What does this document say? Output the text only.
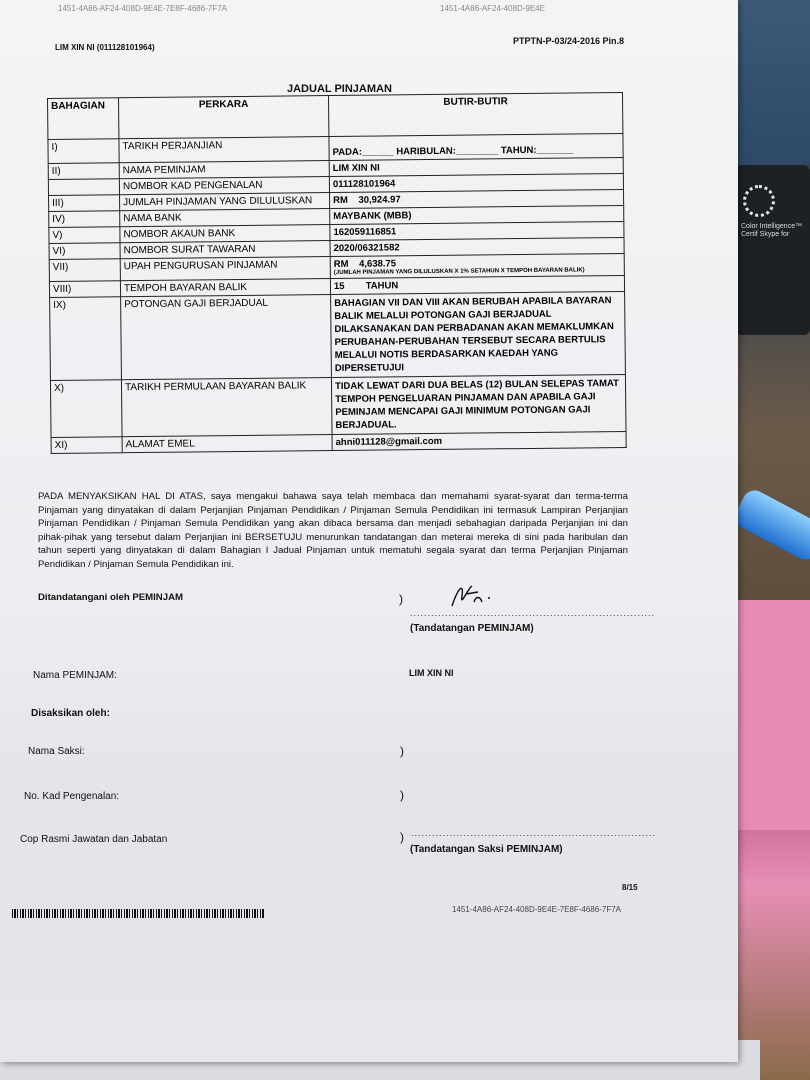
Color Intelligence™ Certif Skype for
1451-4A86-AF24-408D-9E4E-7E8F-4686-7F7A	1451-4A86-AF24-408D-9E4E
LIM XIN NI (011128101964)
PTPTN-P-03/24-2016 Pin.8
JADUAL PINJAMAN
BAHAGIAN	PERKARA	BUTIR-BUTIR
I)	TARIKH PERJANJIAN	PADA:______ HARIBULAN:________ TAHUN:_______
II)	NAMA PEMINJAM	LIM XIN NI
	NOMBOR KAD PENGENALAN	011128101964
III)	JUMLAH PINJAMAN YANG DILULUSKAN	RM    30,924.97
IV)	NAMA BANK	MAYBANK (MBB)
V)	NOMBOR AKAUN BANK	162059116851
VI)	NOMBOR SURAT TAWARAN	2020/06321582
VII)	UPAH PENGURUSAN PINJAMAN	RM    4,638.75
(JUMLAH PINJAMAN YANG DILULUSKAN X 1% SETAHUN X TEMPOH BAYARAN BALIK)

VIII)	TEMPOH BAYARAN BALIK	15        TAHUN
IX)	POTONGAN GAJI BERJADUAL	BAHAGIAN VII DAN VIII AKAN BERUBAH APABILA BAYARAN BALIK MELALUI POTONGAN GAJI BERJADUAL DILAKSANAKAN DAN PERBADANAN AKAN MEMAKLUMKAN PERUBAHAN-PERUBAHAN TERSEBUT SECARA BERTULIS MELALUI NOTIS BERDASARKAN KAEDAH YANG DIPERSETUJUI
X)	TARIKH PERMULAAN BAYARAN BALIK	TIDAK LEWAT DARI DUA BELAS (12) BULAN SELEPAS TAMAT TEMPOH PENGELUARAN PINJAMAN DAN APABILA GAJI PEMINJAM MENCAPAI GAJI MINIMUM POTONGAN GAJI BERJADUAL.
XI)	ALAMAT EMEL	ahni011128@gmail.com
PADA MENYAKSIKAN HAL DI ATAS, saya mengakui bahawa saya telah membaca dan memahami syarat-syarat dan terma-terma Pinjaman yang dinyatakan di dalam Perjanjian Pinjaman Pendidikan / Pinjaman Semula Pendidikan ini termasuk Lampiran Perjanjian Pinjaman Pendidikan / Pinjaman Semula Pendidikan yang akan dibaca bersama dan menjadi sebahagian daripada Perjanjian ini dan pihak-pihak yang tersebut dalam Perjanjian ini BERSETUJU menurunkan tandatangan dan meterai mereka di sini pada haribulan dan tahun seperti yang dinyatakan di dalam Bahagian I Jadual Pinjaman untuk mematuhi segala syarat dan terma Perjanjian Pinjaman Pendidikan / Pinjaman Semula Pendidikan ini.
Ditandatangani oleh PEMINJAM	)
......................................................................
(Tandatangan PEMINJAM)
Nama PEMINJAM:	LIM XIN NI
Disaksikan oleh:
Nama Saksi:	)
No. Kad Pengenalan:	)
Cop Rasmi Jawatan dan Jabatan	) ......................................................................
(Tandatangan Saksi PEMINJAM)
8/15
1451-4A86-AF24-408D-9E4E-7E8F-4686-7F7A
